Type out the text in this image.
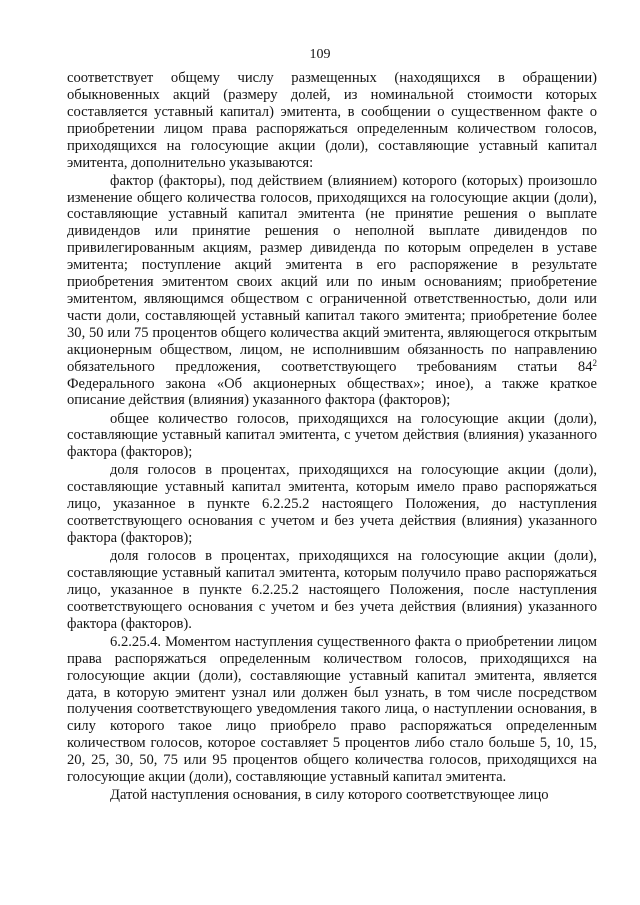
109

соответствует общему числу размещенных (находящихся в обращении) обыкновенных акций (размеру долей, из номинальной стоимости которых составляется уставный капитал) эмитента, в сообщении о существенном факте о приобретении лицом права распоряжаться определенным количеством голосов, приходящихся на голосующие акции (доли), составляющие уставный капитал эмитента, дополнительно указываются:

фактор (факторы), под действием (влиянием) которого (которых) произошло изменение общего количества голосов, приходящихся на голосующие акции (доли), составляющие уставный капитал эмитента (не принятие решения о выплате дивидендов или принятие решения о неполной выплате дивидендов по привилегированным акциям, размер дивиденда по которым определен в уставе эмитента; поступление акций эмитента в его распоряжение в результате приобретения эмитентом своих акций или по иным основаниям; приобретение эмитентом, являющимся обществом с ограниченной ответственностью, доли или части доли, составляющей уставный капитал такого эмитента; приобретение более 30, 50 или 75 процентов общего количества акций эмитента, являющегося открытым акционерным обществом, лицом, не исполнившим обязанность по направлению обязательного предложения, соответствующего требованиям статьи $84^2$ Федерального закона «Об акционерных обществах»; иное), а также краткое описание действия (влияния) указанного фактора (факторов);

общее количество голосов, приходящихся на голосующие акции (доли), составляющие уставный капитал эмитента, с учетом действия (влияния) указанного фактора (факторов);

доля голосов в процентах, приходящихся на голосующие акции (доли), составляющие уставный капитал эмитента, которым имело право распоряжаться лицо, указанное в пункте 6.2.25.2 настоящего Положения, до наступления соответствующего основания с учетом и без учета действия (влияния) указанного фактора (факторов);

доля голосов в процентах, приходящихся на голосующие акции (доли), составляющие уставный капитал эмитента, которым получило право распоряжаться лицо, указанное в пункте 6.2.25.2 настоящего Положения, после наступления соответствующего основания с учетом и без учета действия (влияния) указанного фактора (факторов).

6.2.25.4. Моментом наступления существенного факта о приобретении лицом права распоряжаться определенным количеством голосов, приходящихся на голосующие акции (доли), составляющие уставный капитал эмитента, является дата, в которую эмитент узнал или должен был узнать, в том числе посредством получения соответствующего уведомления такого лица, о наступлении основания, в силу которого такое лицо приобрело право распоряжаться определенным количеством голосов, которое составляет 5 процентов либо стало больше 5, 10, 15, 20, 25, 30, 50, 75 или 95 процентов общего количества голосов, приходящихся на голосующие акции (доли), составляющие уставный капитал эмитента.

Датой наступления основания, в силу которого соответствующее лицо
